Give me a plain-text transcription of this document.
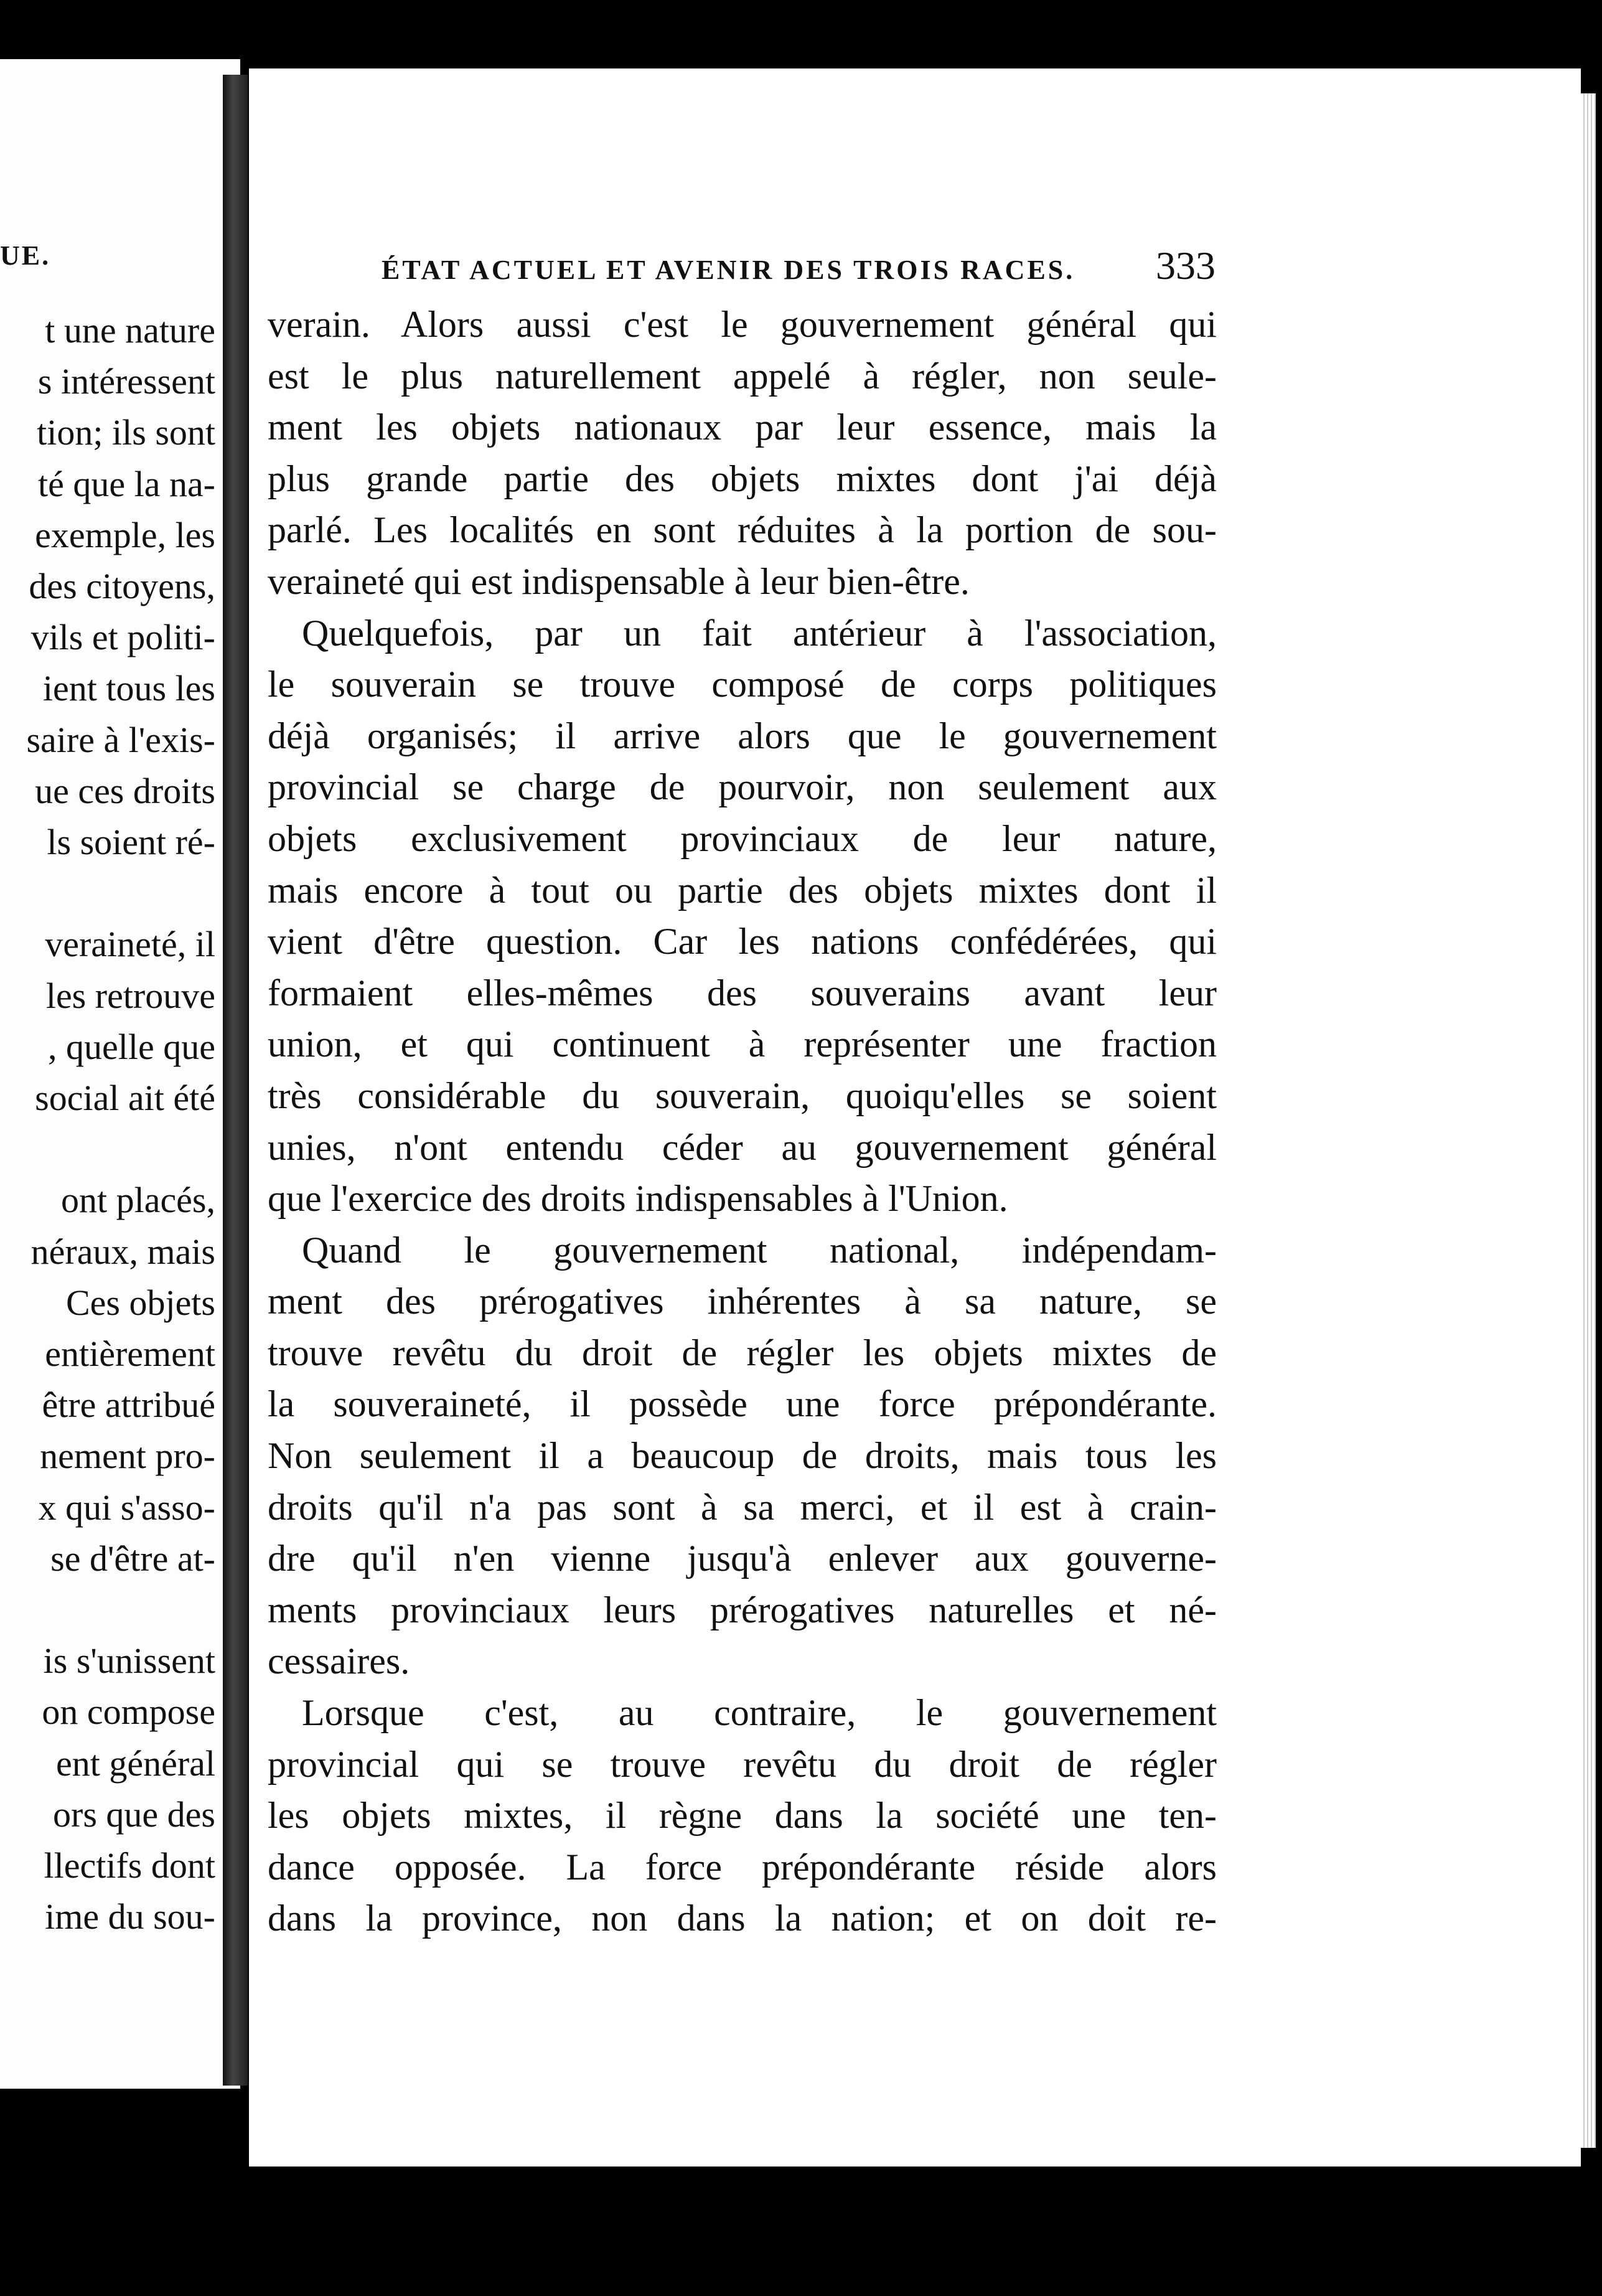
UE.
t une nature
s intéressent
tion; ils sont
té que la na-
exemple, les
des citoyens,
vils et politi-
ient tous les
saire à l'exis-
ue ces droits
ls soient ré-
veraineté, il
les retrouve
, quelle que
social ait été
ont placés,
néraux, mais
Ces objets
entièrement
être attribué
nement pro-
x qui s'asso-
se d'être at-
is s'unissent
on compose
ent général
ors que des
llectifs dont
ime du sou-
ÉTAT ACTUEL ET AVENIR DES TROIS RACES. 333
verain. Alors aussi c'est le gouvernement général qui
est le plus naturellement appelé à régler, non seule-
ment les objets nationaux par leur essence, mais la
plus grande partie des objets mixtes dont j'ai déjà
parlé. Les localités en sont réduites à la portion de sou-
veraineté qui est indispensable à leur bien-être.
Quelquefois, par un fait antérieur à l'association,
le souverain se trouve composé de corps politiques
déjà organisés; il arrive alors que le gouvernement
provincial se charge de pourvoir, non seulement aux
objets exclusivement provinciaux de leur nature,
mais encore à tout ou partie des objets mixtes dont il
vient d'être question. Car les nations confédérées, qui
formaient elles-mêmes des souverains avant leur
union, et qui continuent à représenter une fraction
très considérable du souverain, quoiqu'elles se soient
unies, n'ont entendu céder au gouvernement général
que l'exercice des droits indispensables à l'Union.
Quand le gouvernement national, indépendam-
ment des prérogatives inhérentes à sa nature, se
trouve revêtu du droit de régler les objets mixtes de
la souveraineté, il possède une force prépondérante.
Non seulement il a beaucoup de droits, mais tous les
droits qu'il n'a pas sont à sa merci, et il est à crain-
dre qu'il n'en vienne jusqu'à enlever aux gouverne-
ments provinciaux leurs prérogatives naturelles et né-
cessaires.
Lorsque c'est, au contraire, le gouvernement
provincial qui se trouve revêtu du droit de régler
les objets mixtes, il règne dans la société une ten-
dance opposée. La force prépondérante réside alors
dans la province, non dans la nation; et on doit re-
